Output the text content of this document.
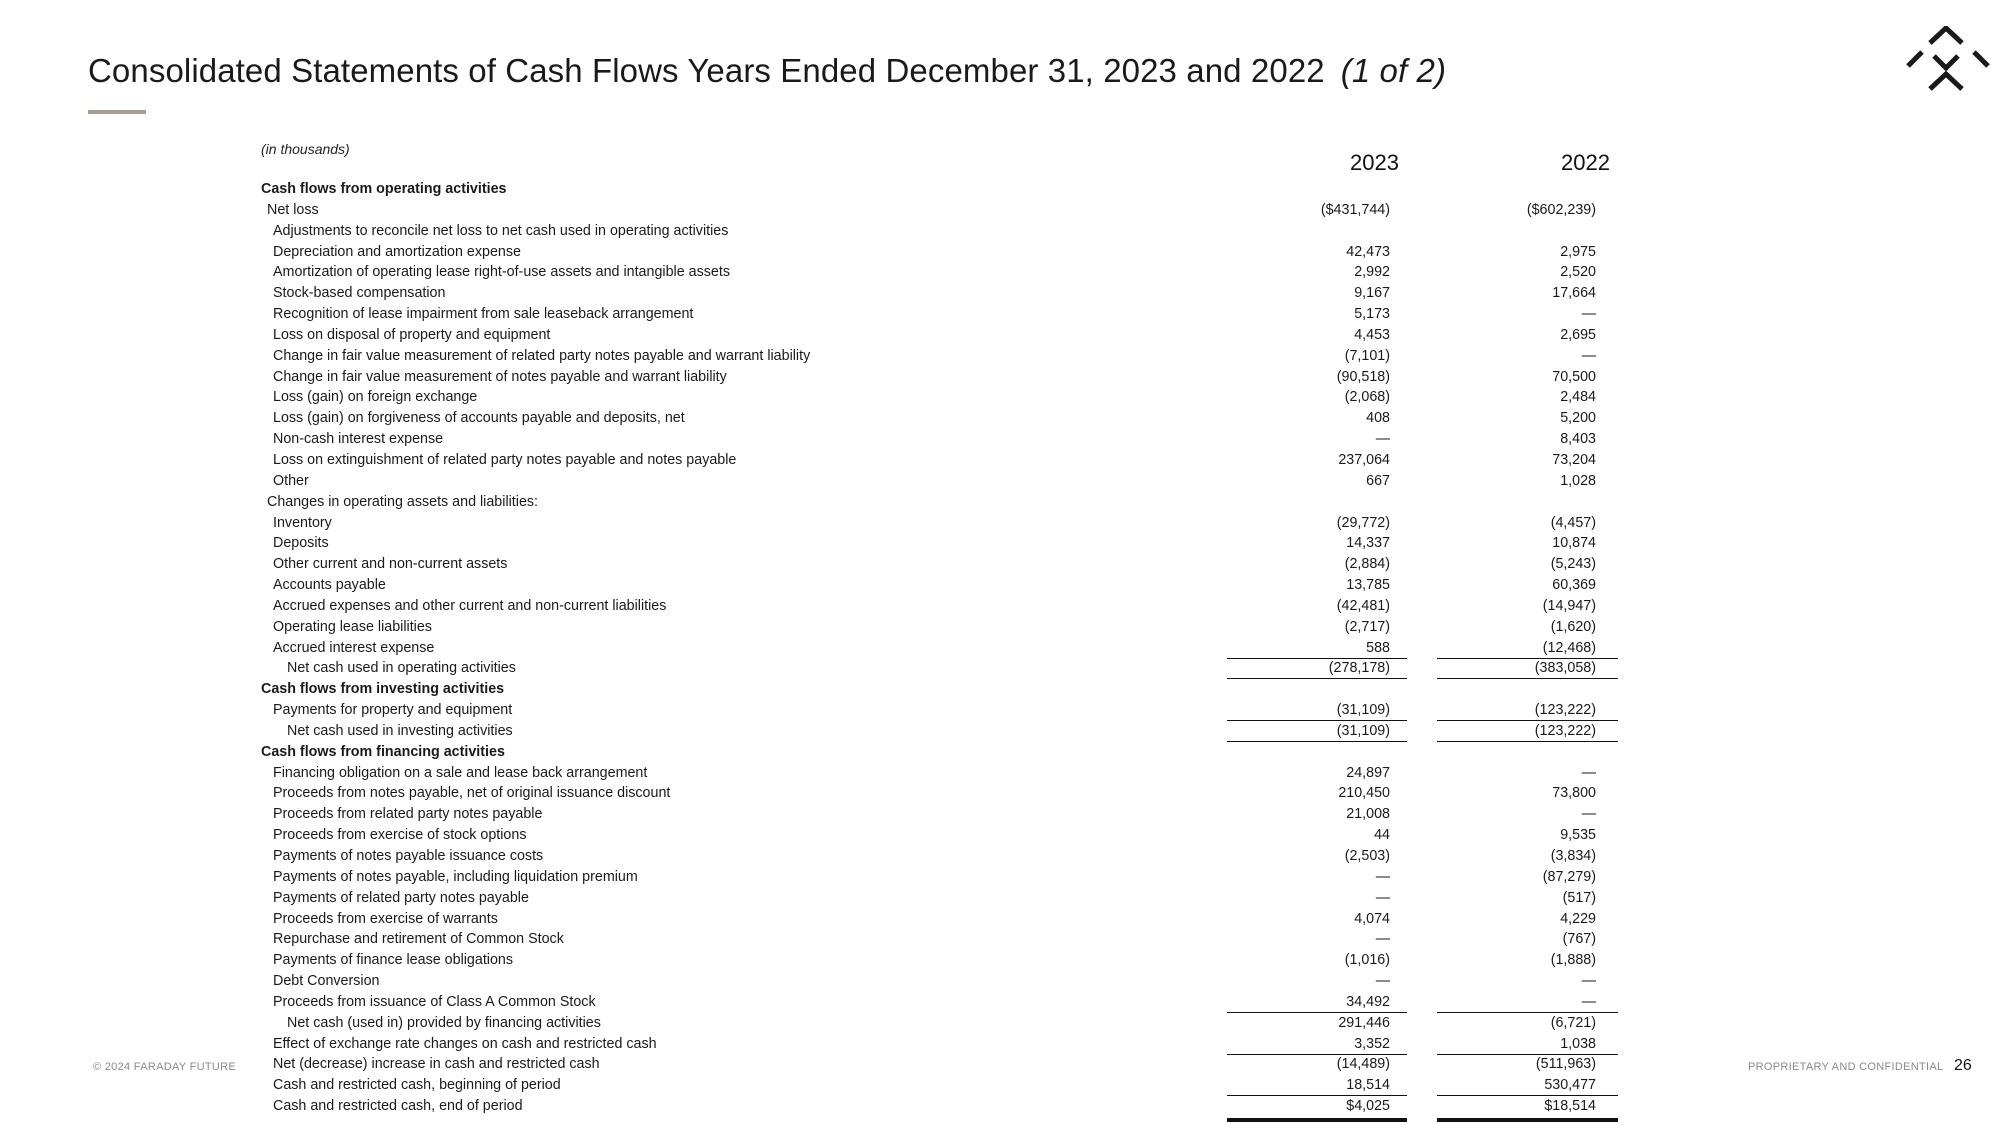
Consolidated Statements of Cash Flows Years Ended December 31, 2023 and 2022 (1 of 2)
(in thousands)
2023	2022
Cash flows from operating activities
Net loss	($431,744)	($602,239)
Adjustments to reconcile net loss to net cash used in operating activities
Depreciation and amortization expense	42,473	2,975
Amortization of operating lease right-of-use assets and intangible assets	2,992	2,520
Stock-based compensation	9,167	17,664
Recognition of lease impairment from sale leaseback arrangement	5,173	—
Loss on disposal of property and equipment	4,453	2,695
Change in fair value measurement of related party notes payable and warrant liability	(7,101)	—
Change in fair value measurement of notes payable and warrant liability	(90,518)	70,500
Loss (gain) on foreign exchange	(2,068)	2,484
Loss (gain) on forgiveness of accounts payable and deposits, net	408	5,200
Non-cash interest expense	—	8,403
Loss on extinguishment of related party notes payable and notes payable	237,064	73,204
Other	667	1,028
Changes in operating assets and liabilities:
Inventory	(29,772)	(4,457)
Deposits	14,337	10,874
Other current and non-current assets	(2,884)	(5,243)
Accounts payable	13,785	60,369
Accrued expenses and other current and non-current liabilities	(42,481)	(14,947)
Operating lease liabilities	(2,717)	(1,620)
Accrued interest expense	588	(12,468)
Net cash used in operating activities	(278,178)	(383,058)
Cash flows from investing activities
Payments for property and equipment	(31,109)	(123,222)
Net cash used in investing activities	(31,109)	(123,222)
Cash flows from financing activities
Financing obligation on a sale and lease back arrangement	24,897	—
Proceeds from notes payable, net of original issuance discount	210,450	73,800
Proceeds from related party notes payable	21,008	—
Proceeds from exercise of stock options	44	9,535
Payments of notes payable issuance costs	(2,503)	(3,834)
Payments of notes payable, including liquidation premium	—	(87,279)
Payments of related party notes payable	—	(517)
Proceeds from exercise of warrants	4,074	4,229
Repurchase and retirement of Common Stock	—	(767)
Payments of finance lease obligations	(1,016)	(1,888)
Debt Conversion	—	—
Proceeds from issuance of Class A Common Stock	34,492	—
Net cash (used in) provided by financing activities	291,446	(6,721)
Effect of exchange rate changes on cash and restricted cash	3,352	1,038
Net (decrease) increase in cash and restricted cash	(14,489)	(511,963)
Cash and restricted cash, beginning of period	18,514	530,477
Cash and restricted cash, end of period	$4,025	$18,514
© 2024 FARADAY FUTURE	PROPRIETARY AND CONFIDENTIAL 26
